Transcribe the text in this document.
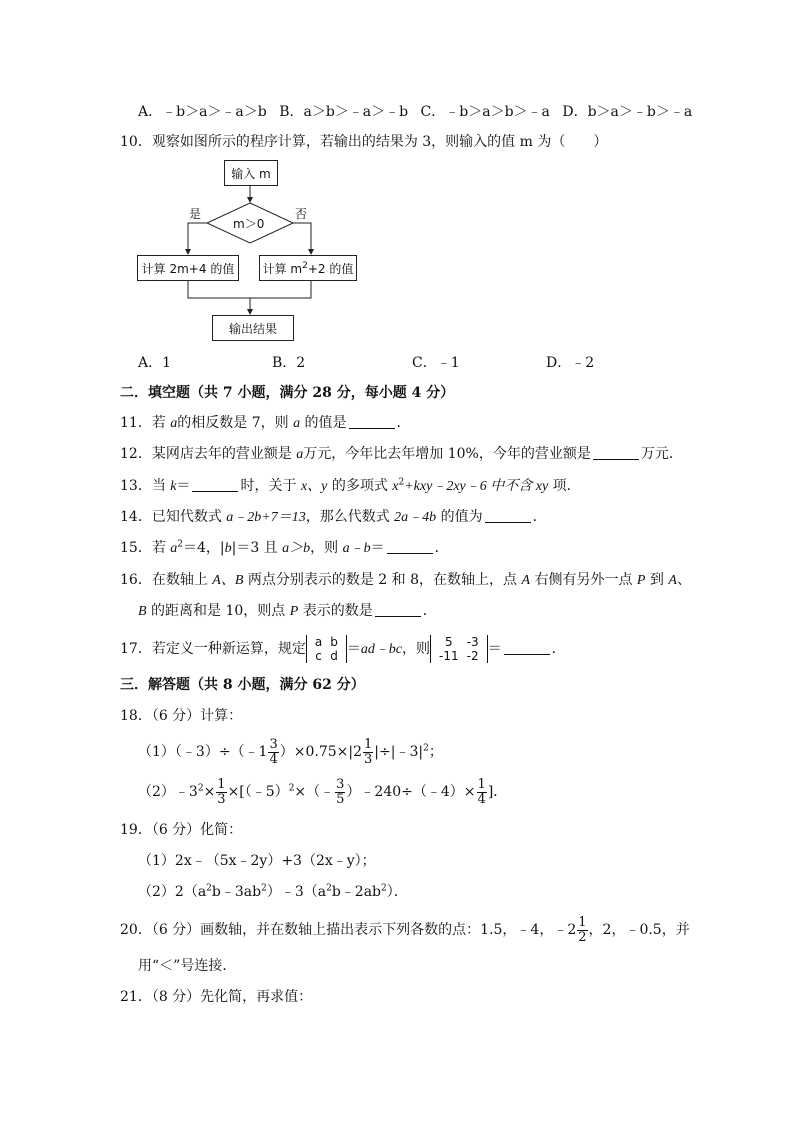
A．﹣b＞a＞﹣a＞b B．a＞b＞﹣a＞﹣b C．﹣b＞a＞b＞﹣a D．b＞a＞﹣b＞﹣a
10．观察如图所示的程序计算，若输出的结果为 3，则输入的值 m 为（　　）
输入 m
m＞0
是	否
计算 2m+4 的值 计算 $m^2+2$ 的值
输出结果
A．1	B．2	C．﹣1	D．﹣2
二．填空题（共 7 小题，满分 28 分，每小题 4 分）
11．若 a的相反数是 7，则 a 的值是	．
12．某网店去年的营业额是 a万元，今年比去年增加 10%，今年的营业额是	万元．
13．当 k＝	时，关于 x、y 的多项式 $x^2+kxy﹣2xy﹣6$ 中不含 xy 项．
14．已知代数式 a﹣2b+7＝13，那么代数式 2a﹣4b 的值为	．
15．若 $a^2=4$，|b|＝3 且 a＞b，则 a﹣b＝	．
16．在数轴上 A、B 两点分别表示的数是 2 和 8，在数轴上，点 A 右侧有另外一点 P 到 A、
B 的距离和是 10，则点 P 表示的数是	．
17．若定义一种新运算，规定 a	b
c	d ＝ad﹣bc，则 5	-3
-11	-2 ＝	．
三．解答题（共 8 小题，满分 62 分）
18．（6 分）计算：
（1）（﹣3）÷（﹣1 $\frac{3}{4} )\times 0.75\times|2 \frac{1}{3}$ $|\div|﹣3|^2$；
$(2)﹣3^2\times \frac{1}{3}$ ×[（﹣5）$^2$×（﹣ $\frac{3}{5}$ ）﹣240÷（﹣4）× $\frac{1}{4}$ ]．
19．（6 分）化简：
（1）2x﹣（5x﹣2y）+3（2x﹣y）；
$(2)2(a^2b﹣3ab^2)﹣3(a^2b﹣2ab^2)$．
20．（6 分）画数轴，并在数轴上描出表示下列各数的点：1.5，﹣4，﹣2 $\frac{1}{2}$ ，2，﹣0.5，并
用“＜”号连接．
21．（8 分）先化简，再求值：
